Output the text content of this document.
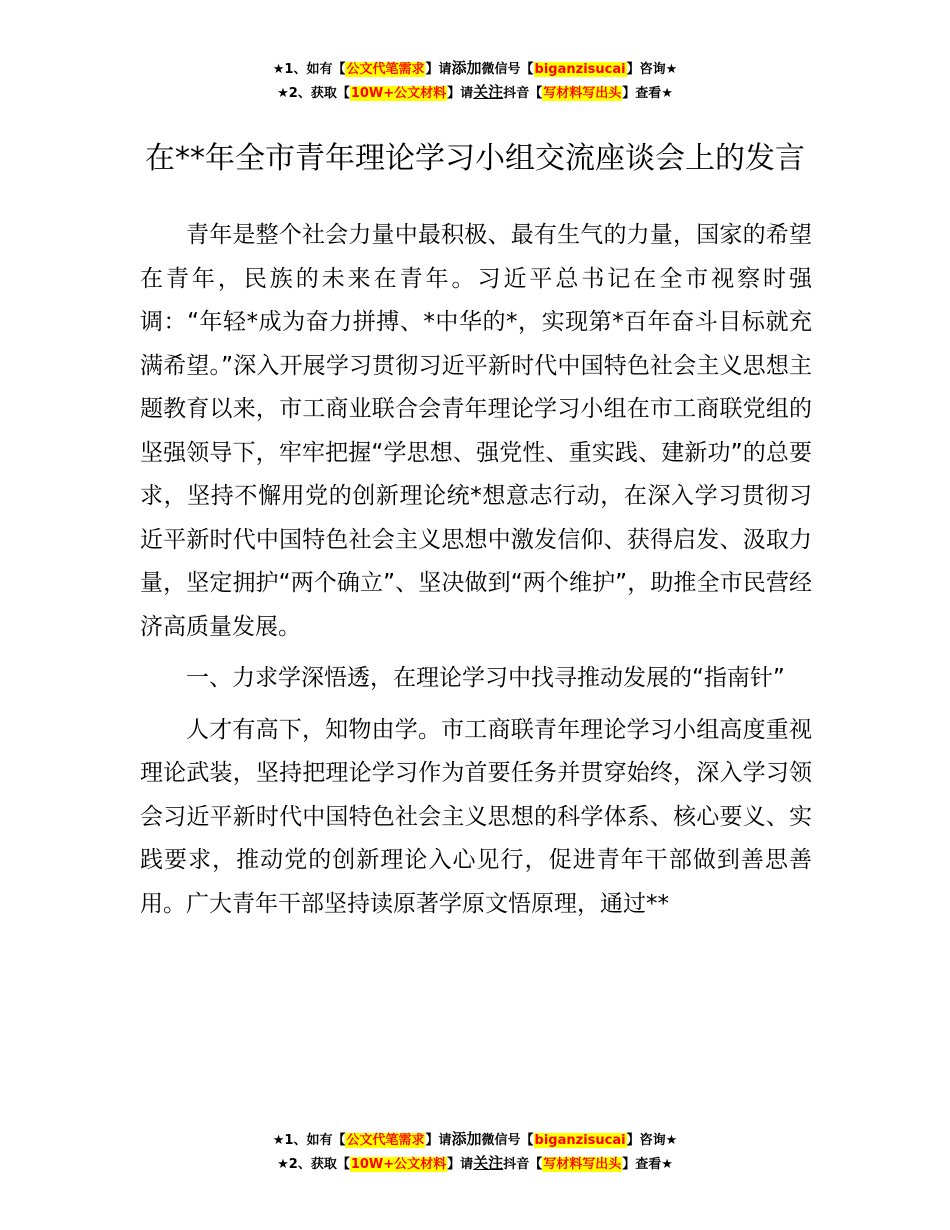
★1、如有【公文代笔需求】请添加微信号【biganzisucai】咨询★
★2、获取【10W+公文材料】请关注抖音【写材料写出头】查看★
在**年全市青年理论学习小组交流座谈会上的发言

青年是整个社会力量中最积极、最有生气的力量，国家的希望在青年，民族的未来在青年。习近平总书记在全市视察时强调：“年轻*成为奋力拼搏、*中华的*，实现第*百年奋斗目标就充满希望。”深入开展学习贯彻习近平新时代中国特色社会主义思想主题教育以来，市工商业联合会青年理论学习小组在市工商联党组的坚强领导下，牢牢把握“学思想、强党性、重实践、建新功”的总要求，坚持不懈用党的创新理论统*想意志行动，在深入学习贯彻习近平新时代中国特色社会主义思想中激发信仰、获得启发、汲取力量，坚定拥护“两个确立”、坚决做到“两个维护”，助推全市民营经济高质量发展。

一、力求学深悟透，在理论学习中找寻推动发展的“指南针”

人才有高下，知物由学。市工商联青年理论学习小组高度重视理论武装，坚持把理论学习作为首要任务并贯穿始终，深入学习领会习近平新时代中国特色社会主义思想的科学体系、核心要义、实践要求，推动党的创新理论入心见行，促进青年干部做到善思善用。广大青年干部坚持读原著学原文悟原理，通过**

★1、如有【公文代笔需求】请添加微信号【biganzisucai】咨询★
★2、获取【10W+公文材料】请关注抖音【写材料写出头】查看★
